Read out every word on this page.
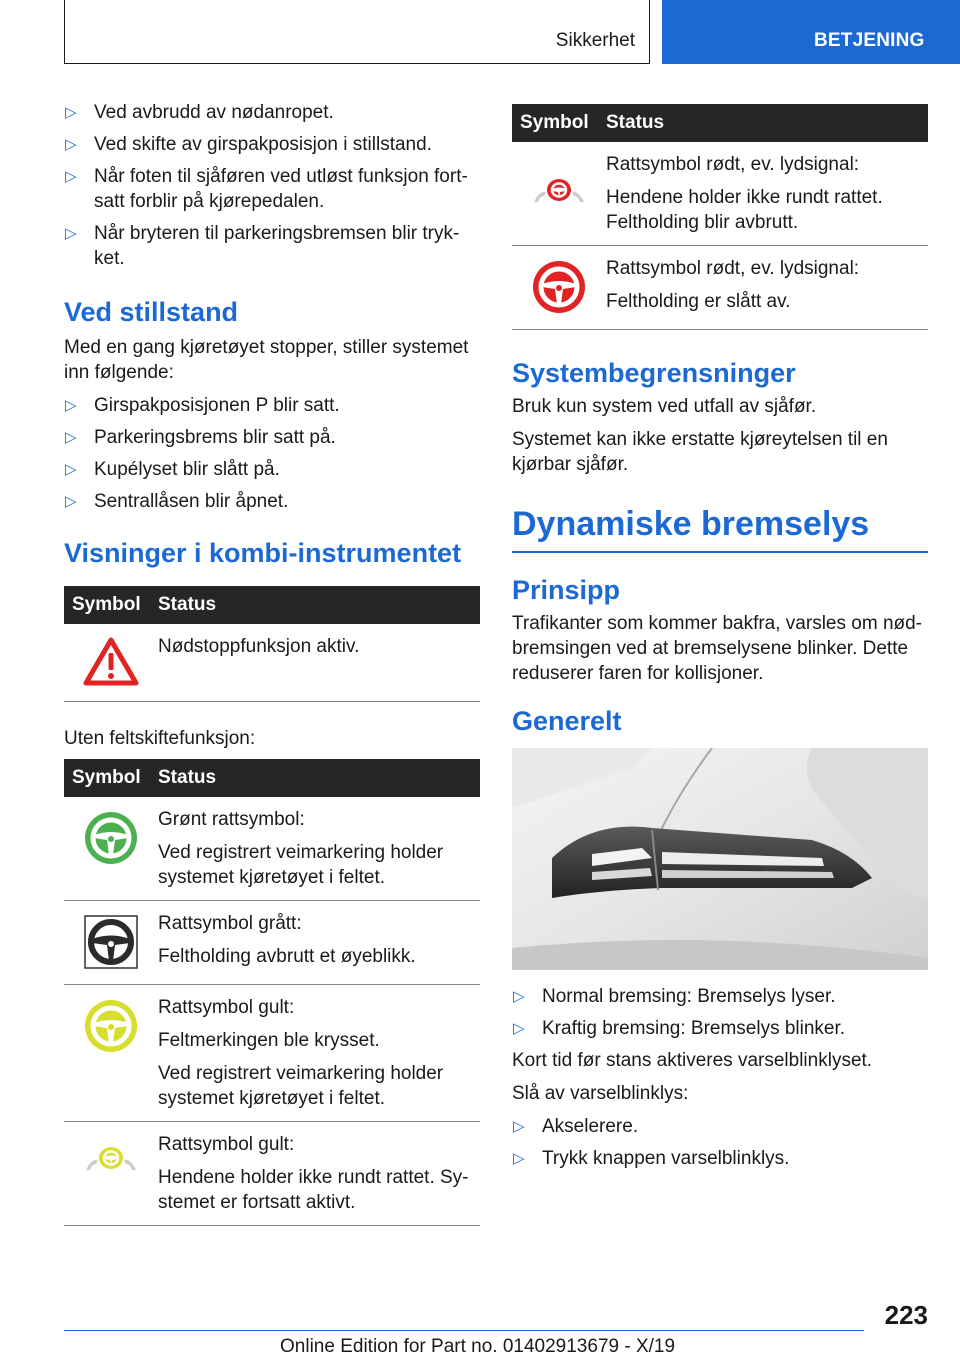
Sikkerhet	BETJENING
▷ Ved avbrudd av nødanropet.
▷ Ved skifte av girspakposisjon i stillstand.
▷ Når foten til sjåføren ved utløst funksjon fort‐ satt forblir på kjørepedalen.
▷ Når bryteren til parkeringsbremsen blir tryk‐ ket.
Ved stillstand
Med en gang kjøretøyet stopper, stiller systemet inn følgende:
▷ Girspakposisjonen P blir satt.
▷ Parkeringsbrems blir satt på.
▷ Kupélyset blir slått på.
▷ Sentrallåsen blir åpnet.
Visninger i kombi-instrumentet
Symbol	Status

Nødstoppfunksjon aktiv.
Uten feltskiftefunksjon:
Symbol	Status

Grønt rattsymbol:
Ved registrert veimarkering holder systemet kjøretøyet i feltet.

Rattsymbol grått:
Feltholding avbrutt et øyeblikk.

Rattsymbol gult:
Feltmerkingen ble krysset.
Ved registrert veimarkering holder systemet kjøretøyet i feltet.

Rattsymbol gult:
Hendene holder ikke rundt rattet. Sy‐ stemet er fortsatt aktivt.
Symbol	Status

Rattsymbol rødt, ev. lydsignal:
Hendene holder ikke rundt rattet. Feltholding blir avbrutt.

Rattsymbol rødt, ev. lydsignal:
Feltholding er slått av.
Systembegrensninger
Bruk kun system ved utfall av sjåfør.
Systemet kan ikke erstatte kjøreytelsen til en kjørbar sjåfør.
Dynamiske bremselys
Prinsipp
Trafikanter som kommer bakfra, varsles om nød‐ bremsingen ved at bremselysene blinker. Dette reduserer faren for kollisjoner.
Generelt
▷ Normal bremsing: Bremselys lyser.
▷ Kraftig bremsing: Bremselys blinker.
Kort tid før stans aktiveres varselblinklyset.
Slå av varselblinklys:
▷ Akselerere.
▷ Trykk knappen varselblinklys.
223
Online Edition for Part no. 01402913679 - X/19
